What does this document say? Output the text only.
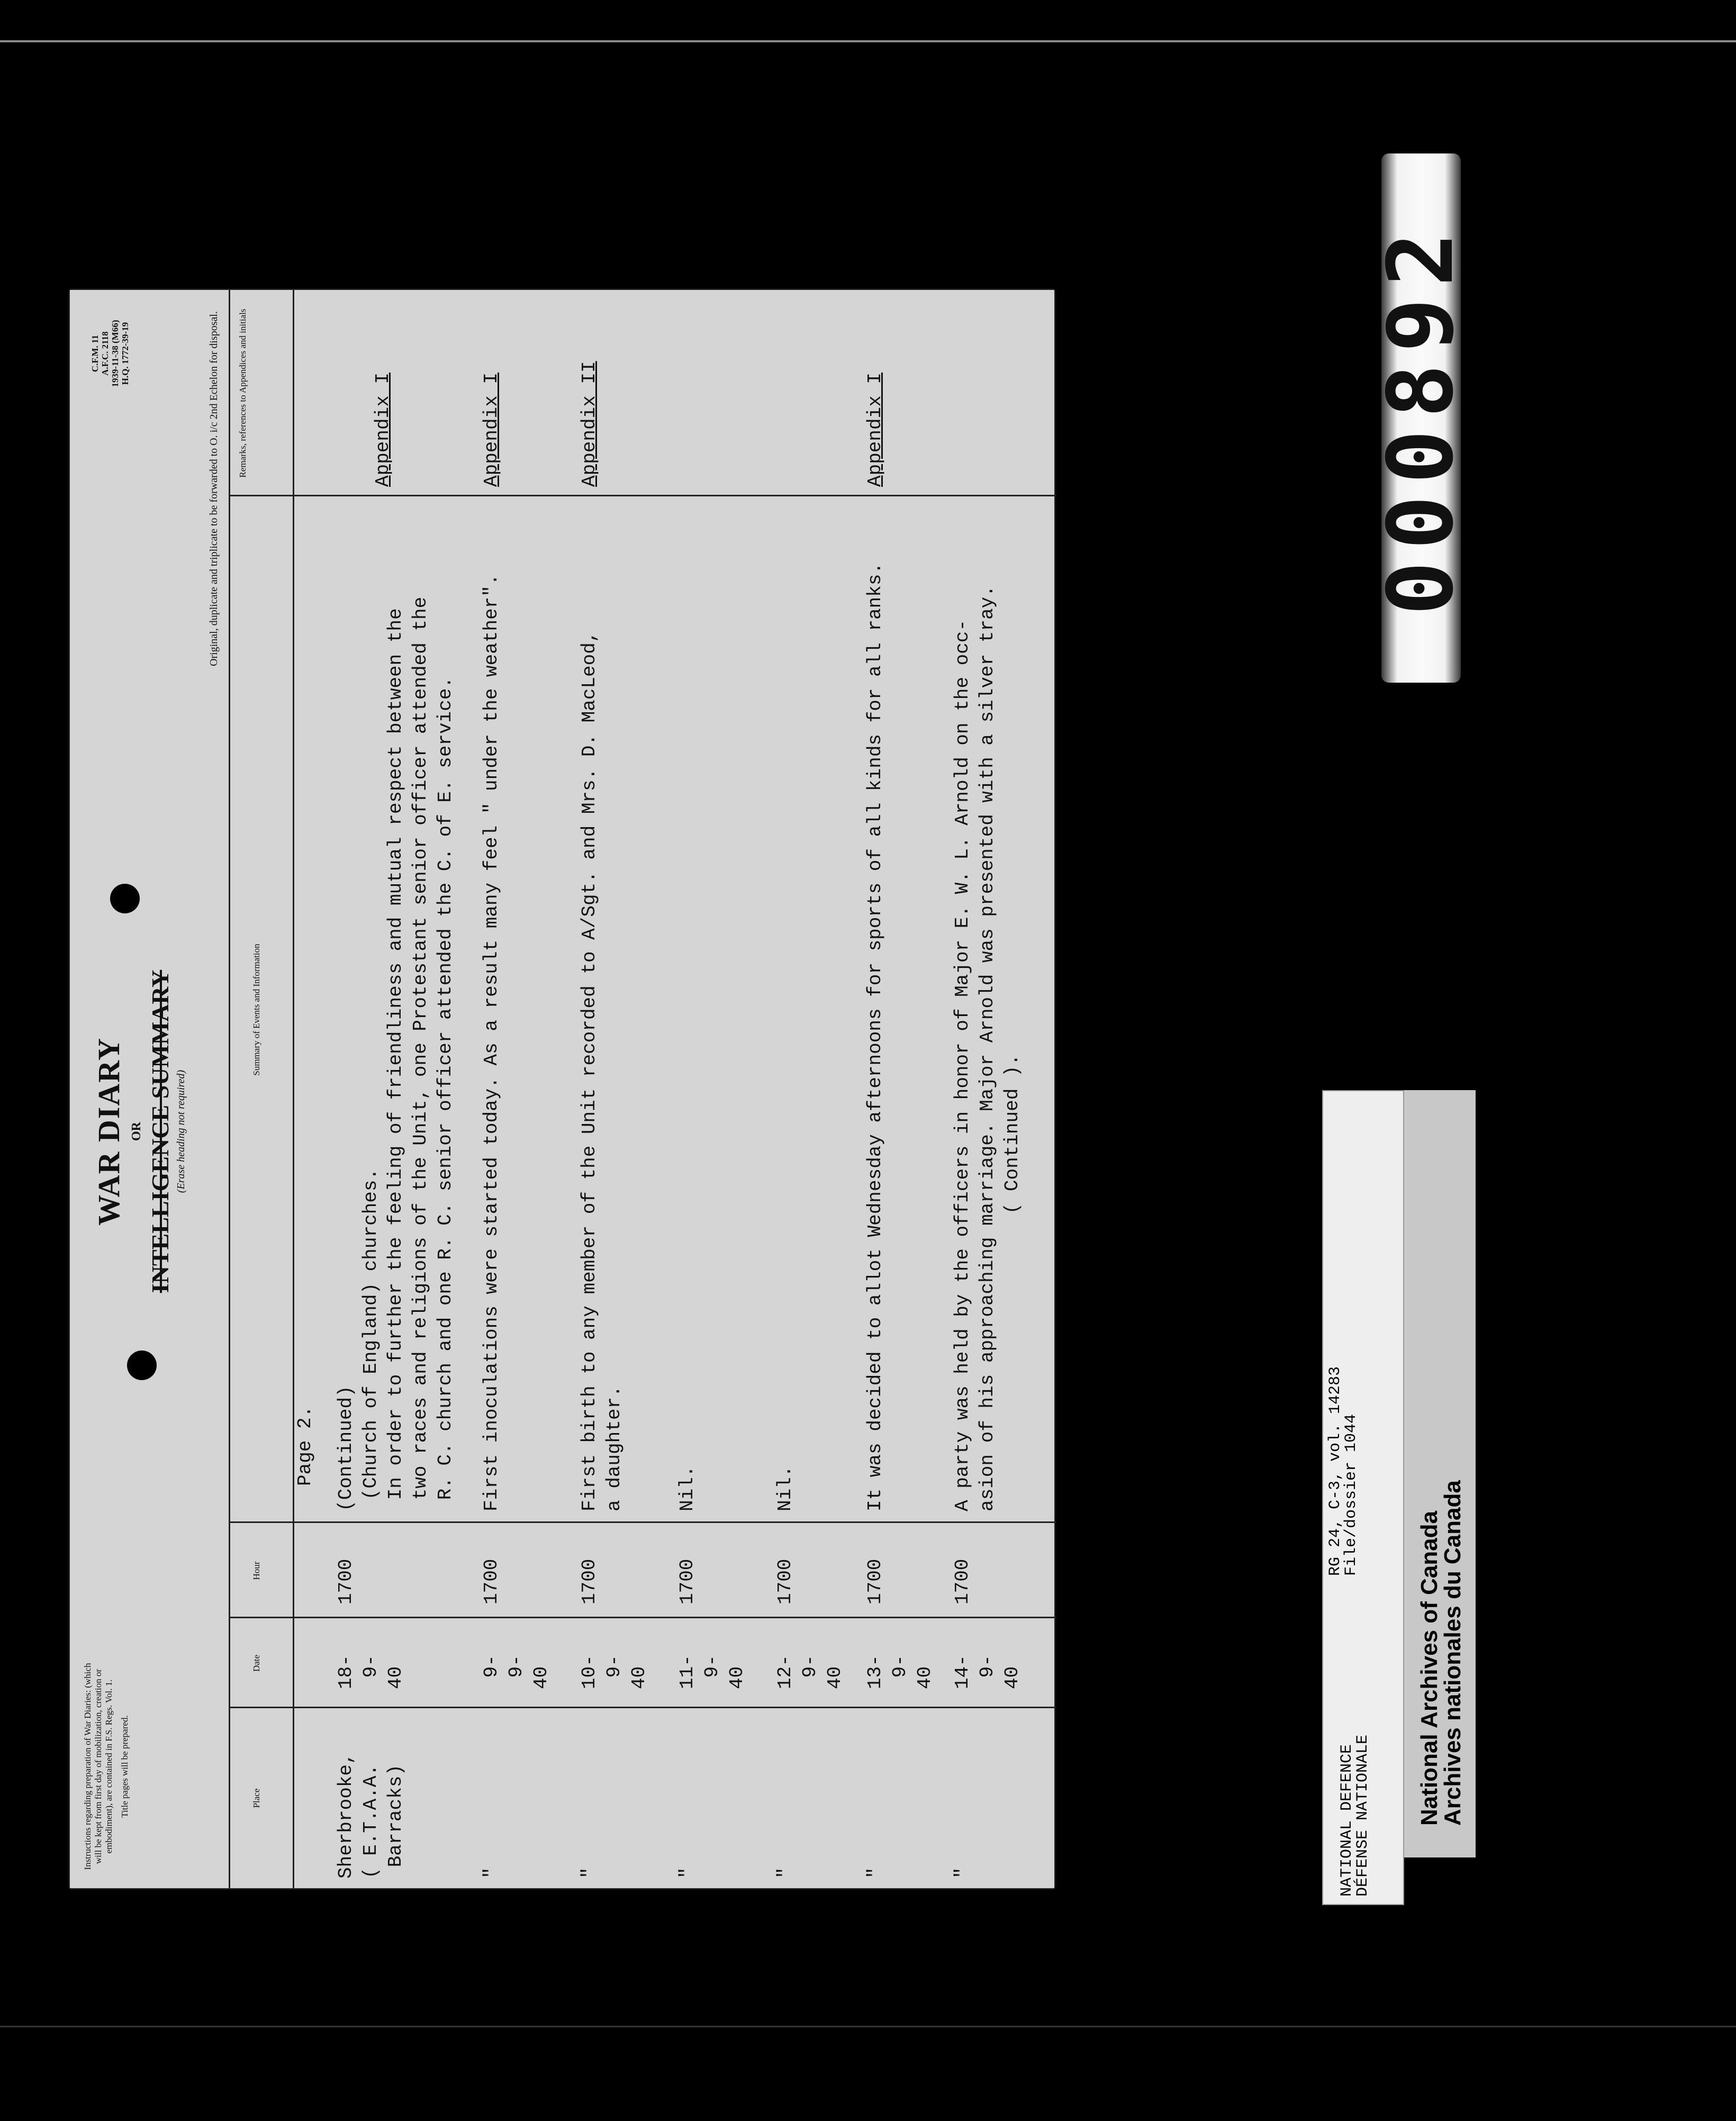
Instructions regarding preparation of War Diaries: (which will be kept from first day of mobilization, creation or embodiment), are contained in F.S. Regs. Vol. 1. Title pages will be prepared.
WAR DIARY OR INTELLIGENCE SUMMARY (Erase heading not required)
C.F.M. 11
A.F.C. 2118
1939-11-38 (M66)
H.Q. 1772-39-19	Original, duplicate and triplicate to be forwarded to O. i/c 2nd Echelon for disposal.
Place
Date
Hour
Summary of Events and Information
Remarks, references to Appendices and initials
Page 2.
Sherbrooke,
( E.T.A.A.
Barracks)
18-
9-
40
1700
(Continued)
(Church of England) churches.
In order to further the feeling of friendliness and mutual respect between the
two races and religions of the Unit, one Protestant senior officer attended the
R. C. church and one R. C. senior officer attended the C. of E. service.
Appendix I
"
9-
9-
40
1700
First inoculations were started today. As a result many feel " under the weather".
Appendix I
"
10-
9-
40
1700
First birth to any member of the Unit recorded to A/Sgt. and Mrs. D. MacLeod,
a daughter.
Appendix II
"
11-
9-
40
1700
Nil.
"
12-
9-
40
1700
Nil.
"
13-
9-
40
1700
It was decided to allot Wednesday afternoons for sports of all kinds for all ranks.
Appendix I
"
14-
9-
40
1700
A party was held by the officers in honor of Major E. W. L. Arnold on the occ-
asion of his approaching marriage. Major Arnold was presented with a silver tray.
( Continued ).
000892
NATIONAL DEFENCE
DÉFENSE NATIONALE
RG 24, C-3, vol. 14283
File/dossier 1044
National Archives of Canada
Archives nationales du Canada
